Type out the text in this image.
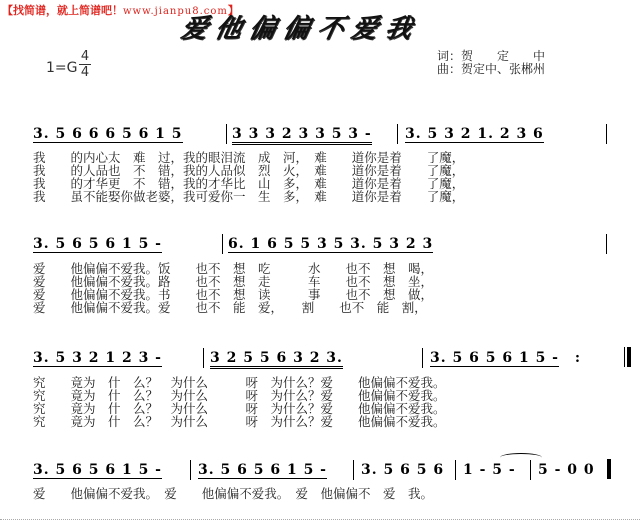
【找简谱，就上简谱吧！www.jianpu8.com】
爱他偏偏不爱我
1=G
4
4
词：贺　　定　　中
曲：贺定中、张郴州
3. 5 6 6 6 5 6 1 5	3 3 3 2 3 3 5 3 - 3. 5 3 2 1. 2 3 6
我　　的内心太　难　过，我的眼泪流　成　河，　难　　道你是着　　了魔，
我　　的人品也　不　错，我的人品似　烈　火，　难　　道你是着　　了魔，
我　　的才华更　不　错，我的才华比　山　多，　难　　道你是着　　了魔，
我　　虽不能娶你做老婆，我可爱你一　生　多，　难　　道你是着　　了魔，
3. 5 6 5 6 1 5 -	6. 1 6 5 5 3 5 3. 5 3 2 3
爱　　他偏偏不爱我。饭　　也不　想　吃　　　水　　也不　想　喝，
爱　　他偏偏不爱我。路　　也不　想　走　　　车　　也不　想　坐，
爱　　他偏偏不爱我。书　　也不　想　读　　　事　　也不　想　做，
爱　　他偏偏不爱我。爱　　也不　能　爱，　　割　　也不　能　割，
3. 5 3 2 1 2 3 -	3 2 5 5 6 3 2 3.	3. 5 6 5 6 1 5 - :
究　　竟为　什　么？　为什么　　　呀　为什么？爱　　他偏偏不爱我。
究　　竟为　什　么？　为什么　　　呀　为什么？爱　　他偏偏不爱我。
究　　竟为　什　么？　为什么　　　呀　为什么？爱　　他偏偏不爱我。
究　　竟为　什　么？　为什么　　　呀　为什么？爱　　他偏偏不爱我。
3. 5 6 5 6 1 5 -	3. 5 6 5 6 1 5 - 3. 5 6 5 6 1 - 5 - 5 - 0 0
爱　　他偏偏不爱我。　爱　　他偏偏不爱我。　爱　他偏偏不　爱　我。
